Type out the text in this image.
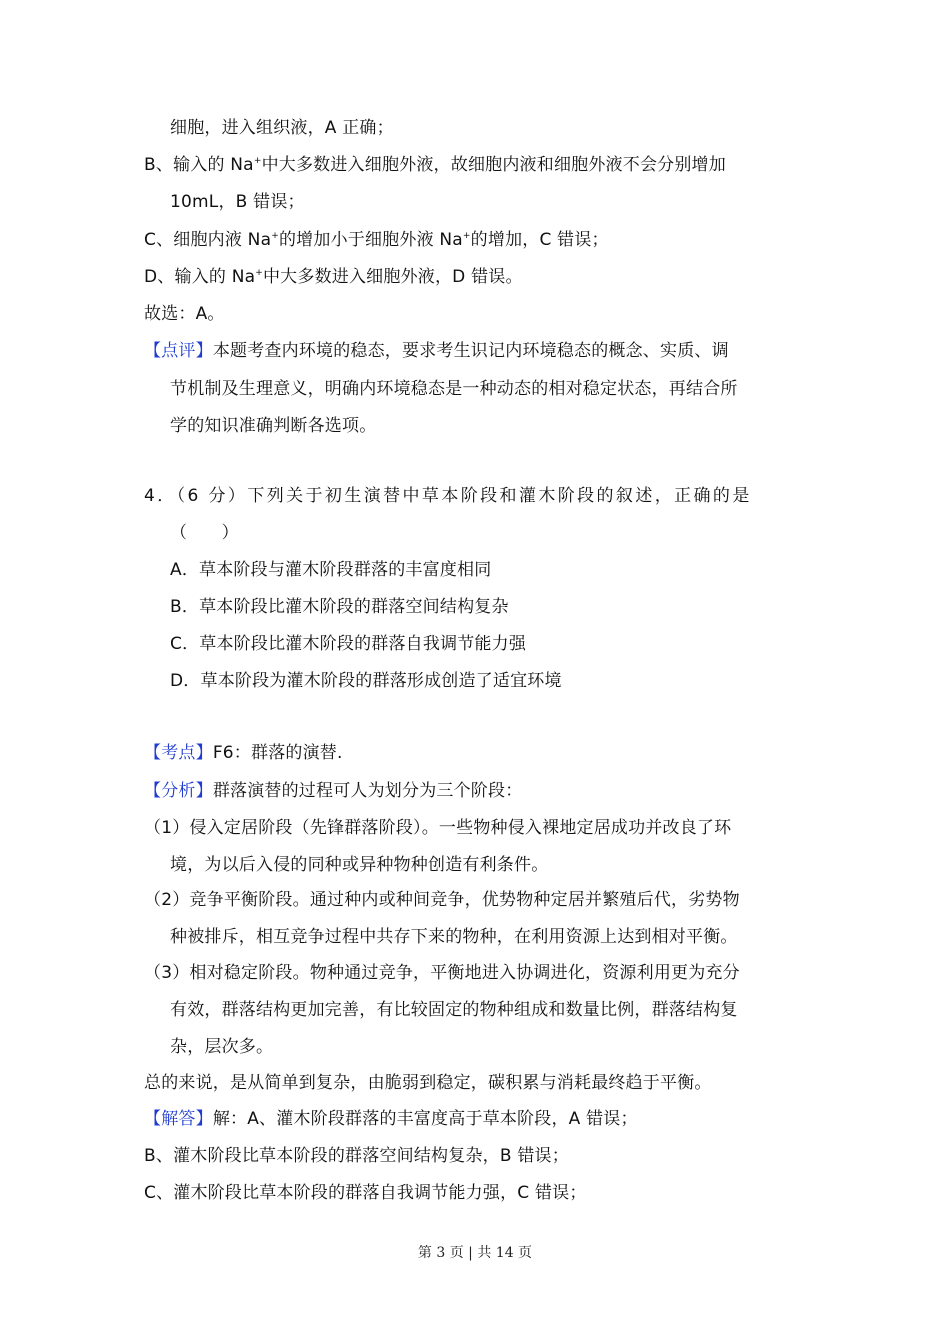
细胞，进入组织液，A 正确；
B、输入的 Na+中大多数进入细胞外液，故细胞内液和细胞外液不会分别增加
10mL，B 错误；
C、细胞内液 Na+的增加小于细胞外液 Na+的增加，C 错误；
D、输入的 Na+中大多数进入细胞外液，D 错误。
故选：A。
【点评】本题考查内环境的稳态，要求考生识记内环境稳态的概念、实质、调
节机制及生理意义，明确内环境稳态是一种动态的相对稳定状态，再结合所
学的知识准确判断各选项。
4．（6 分）下列关于初生演替中草本阶段和灌木阶段的叙述，正确的是
（　　）
A．草本阶段与灌木阶段群落的丰富度相同
B．草本阶段比灌木阶段的群落空间结构复杂
C．草本阶段比灌木阶段的群落自我调节能力强
D．草本阶段为灌木阶段的群落形成创造了适宜环境
【考点】F6：群落的演替.
【分析】群落演替的过程可人为划分为三个阶段：
（1）侵入定居阶段（先锋群落阶段）。一些物种侵入裸地定居成功并改良了环
境，为以后入侵的同种或异种物种创造有利条件。
（2）竞争平衡阶段。通过种内或种间竞争，优势物种定居并繁殖后代，劣势物
种被排斥，相互竞争过程中共存下来的物种，在利用资源上达到相对平衡。
（3）相对稳定阶段。物种通过竞争，平衡地进入协调进化，资源利用更为充分
有效，群落结构更加完善，有比较固定的物种组成和数量比例，群落结构复
杂，层次多。
总的来说，是从简单到复杂，由脆弱到稳定，碳积累与消耗最终趋于平衡。
【解答】解：A、灌木阶段群落的丰富度高于草本阶段，A 错误；
B、灌木阶段比草本阶段的群落空间结构复杂，B 错误；
C、灌木阶段比草本阶段的群落自我调节能力强，C 错误；
第 3 页 | 共 14 页
